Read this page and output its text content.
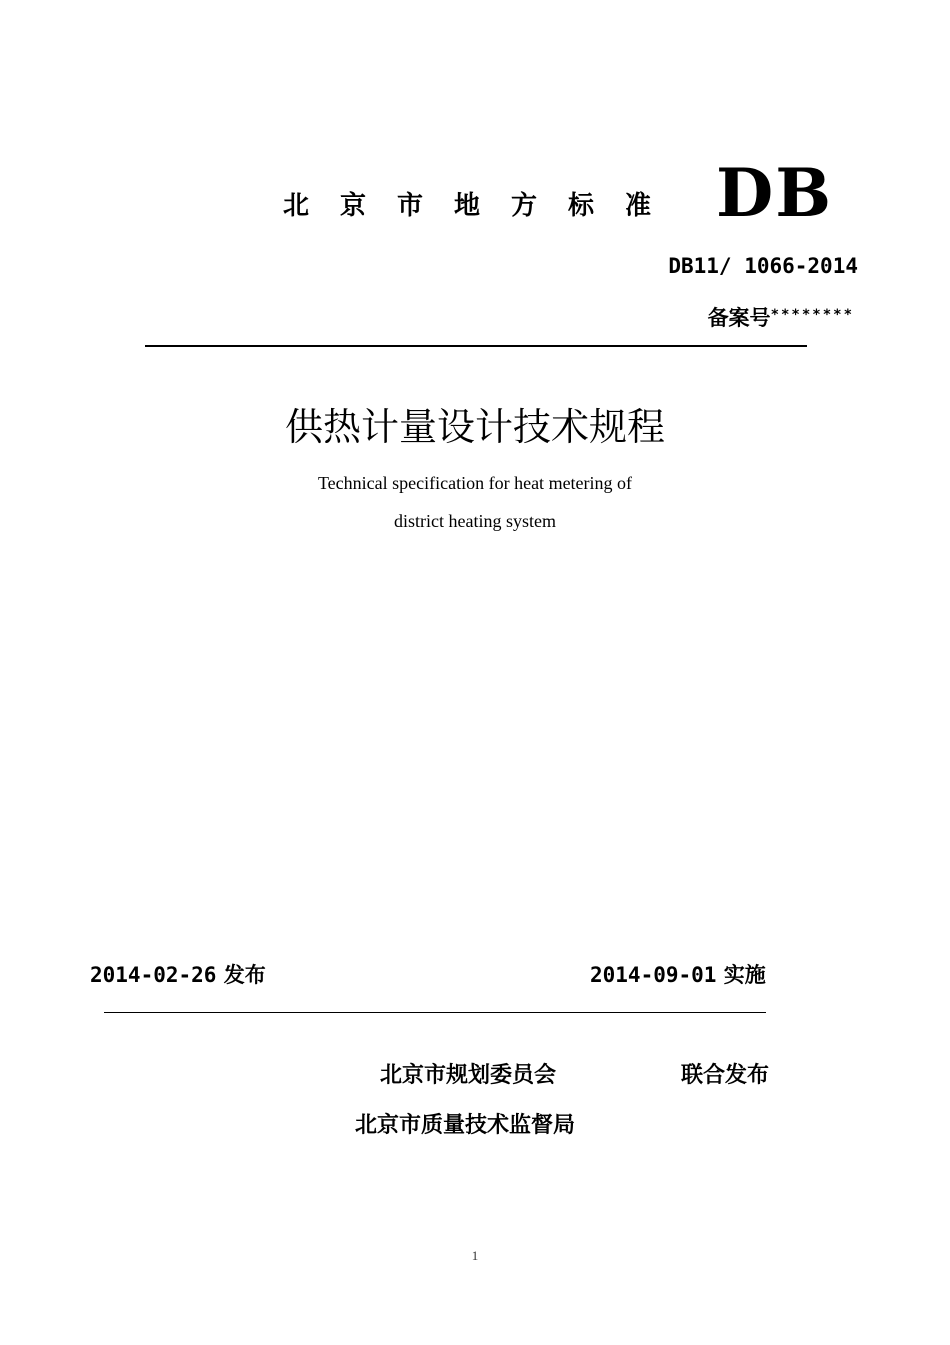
北京市地方标准 DB
DB11/ 1066-2014
备案号********
供热计量设计技术规程
Technical specification for heat metering of
district heating system
2014-02-26 发布	2014-09-01 实施
北京市规划委员会	联合发布
北京市质量技术监督局
1
